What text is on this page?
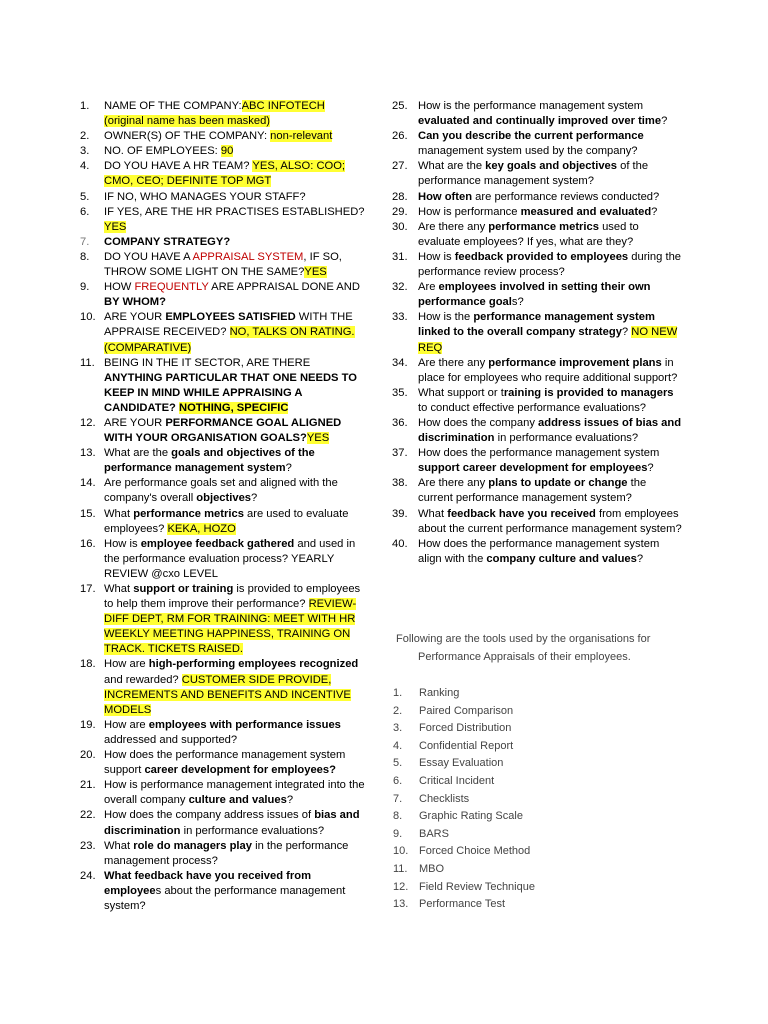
1.	NAME OF THE COMPANY:ABC INFOTECH (original name has been masked)
2.	OWNER(S) OF THE COMPANY: non-relevant
3.	NO. OF EMPLOYEES: 90
4.	DO YOU HAVE A HR TEAM? YES, ALSO: COO; CMO, CEO; DEFINITE TOP MGT
5.	IF NO, WHO MANAGES YOUR STAFF?
6.	IF YES, ARE THE HR PRACTISES ESTABLISHED? YES
7.	COMPANY STRATEGY?
8.	DO YOU HAVE A APPRAISAL SYSTEM, IF SO, THROW SOME LIGHT ON THE SAME?YES
9.	HOW FREQUENTLY ARE APPRAISAL DONE AND BY WHOM?
10. ARE YOUR EMPLOYEES SATISFIED WITH THE APPRAISE RECEIVED? NO, TALKS ON RATING. (COMPARATIVE)
11. BEING IN THE IT SECTOR, ARE THERE ANYTHING PARTICULAR THAT ONE NEEDS TO KEEP IN MIND WHILE APPRAISING A CANDIDATE? NOTHING, SPECIFIC
12. ARE YOUR PERFORMANCE GOAL ALIGNED WITH YOUR ORGANISATION GOALS?YES
13. What are the goals and objectives of the performance management system?
14. Are performance goals set and aligned with the company's overall objectives?
15. What performance metrics are used to evaluate employees? KEKA, HOZO
16. How is employee feedback gathered and used in the performance evaluation process? YEARLY REVIEW @cxo LEVEL
17. What support or training is provided to employees to help them improve their performance? REVIEW- DIFF DEPT, RM FOR TRAINING: MEET WITH HR WEEKLY MEETING HAPPINESS, TRAINING ON TRACK. TICKETS RAISED.
18. How are high-performing employees recognized and rewarded? CUSTOMER SIDE PROVIDE, INCREMENTS AND BENEFITS AND INCENTIVE MODELS
19. How are employees with performance issues addressed and supported?
20. How does the performance management system support career development for employees?
21. How is performance management integrated into the overall company culture and values?
22. How does the company address issues of bias and discrimination in performance evaluations?
23. What role do managers play in the performance management process?
24. What feedback have you received from employees about the performance management system?
25. How is the performance management system evaluated and continually improved over time?
26. Can you describe the current performance management system used by the company?
27. What are the key goals and objectives of the performance management system?
28. How often are performance reviews conducted?
29. How is performance measured and evaluated?
30. Are there any performance metrics used to evaluate employees? If yes, what are they?
31. How is feedback provided to employees during the performance review process?
32. Are employees involved in setting their own performance goals?
33. How is the performance management system linked to the overall company strategy? NO NEW REQ
34. Are there any performance improvement plans in place for employees who require additional support?
35. What support or training is provided to managers to conduct effective performance evaluations?
36. How does the company address issues of bias and discrimination in performance evaluations?
37. How does the performance management system support career development for employees?
38. Are there any plans to update or change the current performance management system?
39. What feedback have you received from employees about the current performance management system?
40. How does the performance management system align with the company culture and values?
Following are the tools used by the organisations for
Performance Appraisals of their employees.
1.	Ranking
2.	Paired Comparison
3.	Forced Distribution
4.	Confidential Report
5.	Essay Evaluation
6.	Critical Incident
7.	Checklists
8.	Graphic Rating Scale
9.	BARS
10. Forced Choice Method
11.	MBO
12. Field Review Technique
13. Performance Test
